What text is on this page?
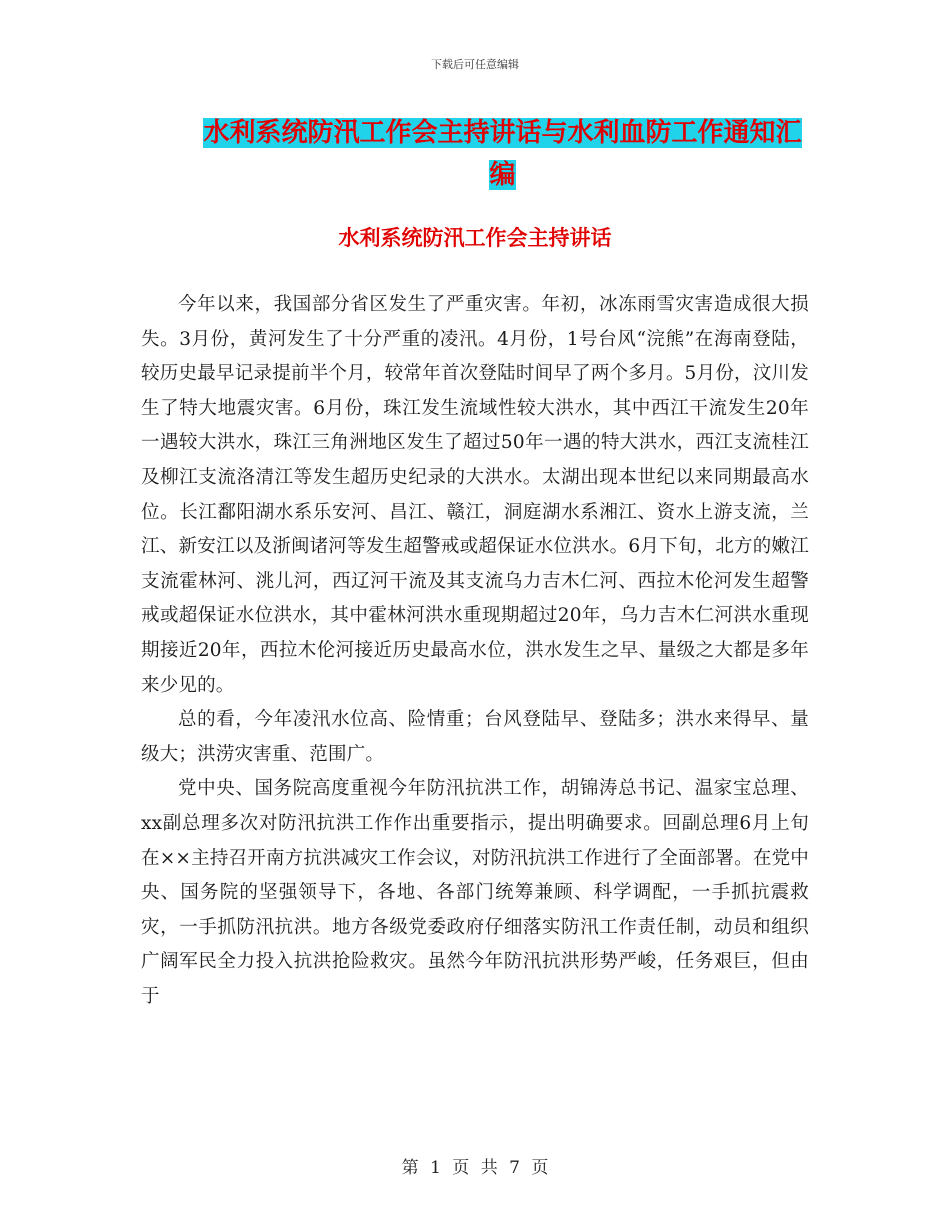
下载后可任意编辑
水利系统防汛工作会主持讲话与水利血防工作通知汇
编
水利系统防汛工作会主持讲话

今年以来，我国部分省区发生了严重灾害。年初，冰冻雨雪灾害造成很大损失。3月份，黄河发生了十分严重的凌汛。4月份，1号台风“浣熊”在海南登陆，较历史最早记录提前半个月，较常年首次登陆时间早了两个多月。5月份，汶川发生了特大地震灾害。6月份，珠江发生流域性较大洪水，其中西江干流发生20年一遇较大洪水，珠江三角洲地区发生了超过50年一遇的特大洪水，西江支流桂江及柳江支流洛清江等发生超历史纪录的大洪水。太湖出现本世纪以来同期最高水位。长江鄱阳湖水系乐安河、昌江、赣江，洞庭湖水系湘江、资水上游支流，兰江、新安江以及浙闽诸河等发生超警戒或超保证水位洪水。6月下旬，北方的嫩江支流霍林河、洮儿河，西辽河干流及其支流乌力吉木仁河、西拉木伦河发生超警戒或超保证水位洪水，其中霍林河洪水重现期超过20年，乌力吉木仁河洪水重现期接近20年，西拉木伦河接近历史最高水位，洪水发生之早、量级之大都是多年来少见的。

总的看，今年凌汛水位高、险情重；台风登陆早、登陆多；洪水来得早、量级大；洪涝灾害重、范围广。

党中央、国务院高度重视今年防汛抗洪工作，胡锦涛总书记、温家宝总理、xx副总理多次对防汛抗洪工作作出重要指示，提出明确要求。回副总理6月上旬在××主持召开南方抗洪减灾工作会议，对防汛抗洪工作进行了全面部署。在党中央、国务院的坚强领导下，各地、各部门统筹兼顾、科学调配，一手抓抗震救灾，一手抓防汛抗洪。地方各级党委政府仔细落实防汛工作责任制，动员和组织广阔军民全力投入抗洪抢险救灾。虽然今年防汛抗洪形势严峻，任务艰巨，但由于

第 1 页 共 7 页
